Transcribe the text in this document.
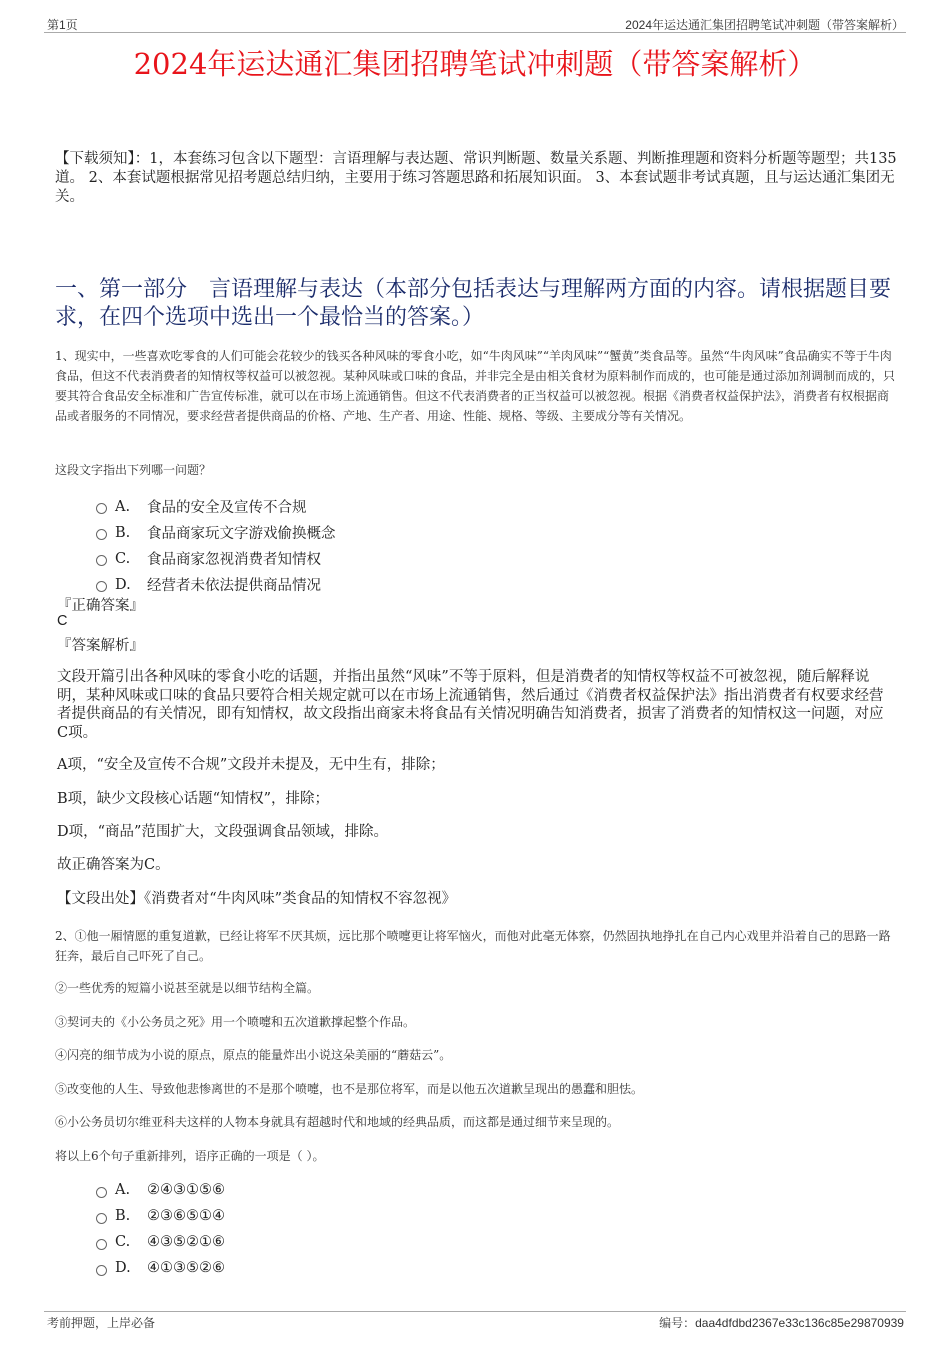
第1页	2024年运达通汇集团招聘笔试冲刺题（带答案解析）
2024年运达通汇集团招聘笔试冲刺题（带答案解析）
【下载须知】：1，本套练习包含以下题型：言语理解与表达题、常识判断题、数量关系题、判断推理题和资料分析题等题型；共135道。 2、本套试题根据常见招考题总结归纳，主要用于练习答题思路和拓展知识面。 3、本套试题非考试真题，且与运达通汇集团无关。
一、第一部分　言语理解与表达（本部分包括表达与理解两方面的内容。请根据题目要求，在四个选项中选出一个最恰当的答案。）
1、现实中，一些喜欢吃零食的人们可能会花较少的钱买各种风味的零食小吃，如“牛肉风味”“羊肉风味”“蟹黄”类食品等。虽然“牛肉风味”食品确实不等于牛肉食品，但这不代表消费者的知情权等权益可以被忽视。某种风味或口味的食品，并非完全是由相关食材为原料制作而成的，也可能是通过添加剂调制而成的，只要其符合食品安全标准和广告宣传标准，就可以在市场上流通销售。但这不代表消费者的正当权益可以被忽视。根据《消费者权益保护法》，消费者有权根据商品或者服务的不同情况，要求经营者提供商品的价格、产地、生产者、用途、性能、规格、等级、主要成分等有关情况。
这段文字指出下列哪一问题？
A.	食品的安全及宣传不合规
B.	食品商家玩文字游戏偷换概念
C.	食品商家忽视消费者知情权
D.	经营者未依法提供商品情况
『正确答案』
C
『答案解析』
文段开篇引出各种风味的零食小吃的话题，并指出虽然“风味”不等于原料，但是消费者的知情权等权益不可被忽视，随后解释说明，某种风味或口味的食品只要符合相关规定就可以在市场上流通销售，然后通过《消费者权益保护法》指出消费者有权要求经营者提供商品的有关情况，即有知情权，故文段指出商家未将食品有关情况明确告知消费者，损害了消费者的知情权这一问题，对应C项。
A项，“安全及宣传不合规”文段并未提及，无中生有，排除；
B项，缺少文段核心话题“知情权”，排除；
D项，“商品”范围扩大，文段强调食品领域，排除。
故正确答案为C。
【文段出处】《消费者对“牛肉风味”类食品的知情权不容忽视》
2、①他一厢情愿的重复道歉，已经让将军不厌其烦，远比那个喷嚏更让将军恼火，而他对此毫无体察，仍然固执地挣扎在自己内心戏里并沿着自己的思路一路狂奔，最后自己吓死了自己。
②一些优秀的短篇小说甚至就是以细节结构全篇。
③契诃夫的《小公务员之死》用一个喷嚏和五次道歉撑起整个作品。
④闪亮的细节成为小说的原点，原点的能量炸出小说这朵美丽的“蘑菇云”。
⑤改变他的人生、导致他悲惨离世的不是那个喷嚏，也不是那位将军，而是以他五次道歉呈现出的愚蠢和胆怯。
⑥小公务员切尔维亚科夫这样的人物本身就具有超越时代和地域的经典品质，而这都是通过细节来呈现的。
将以上6个句子重新排列，语序正确的一项是（ ）。
A.	②④③①⑤⑥
B.	②③⑥⑤①④
C.	④③⑤②①⑥
D.	④①③⑤②⑥
考前押题，上岸必备	编号：daa4dfdbd2367e33c136c85e29870939
